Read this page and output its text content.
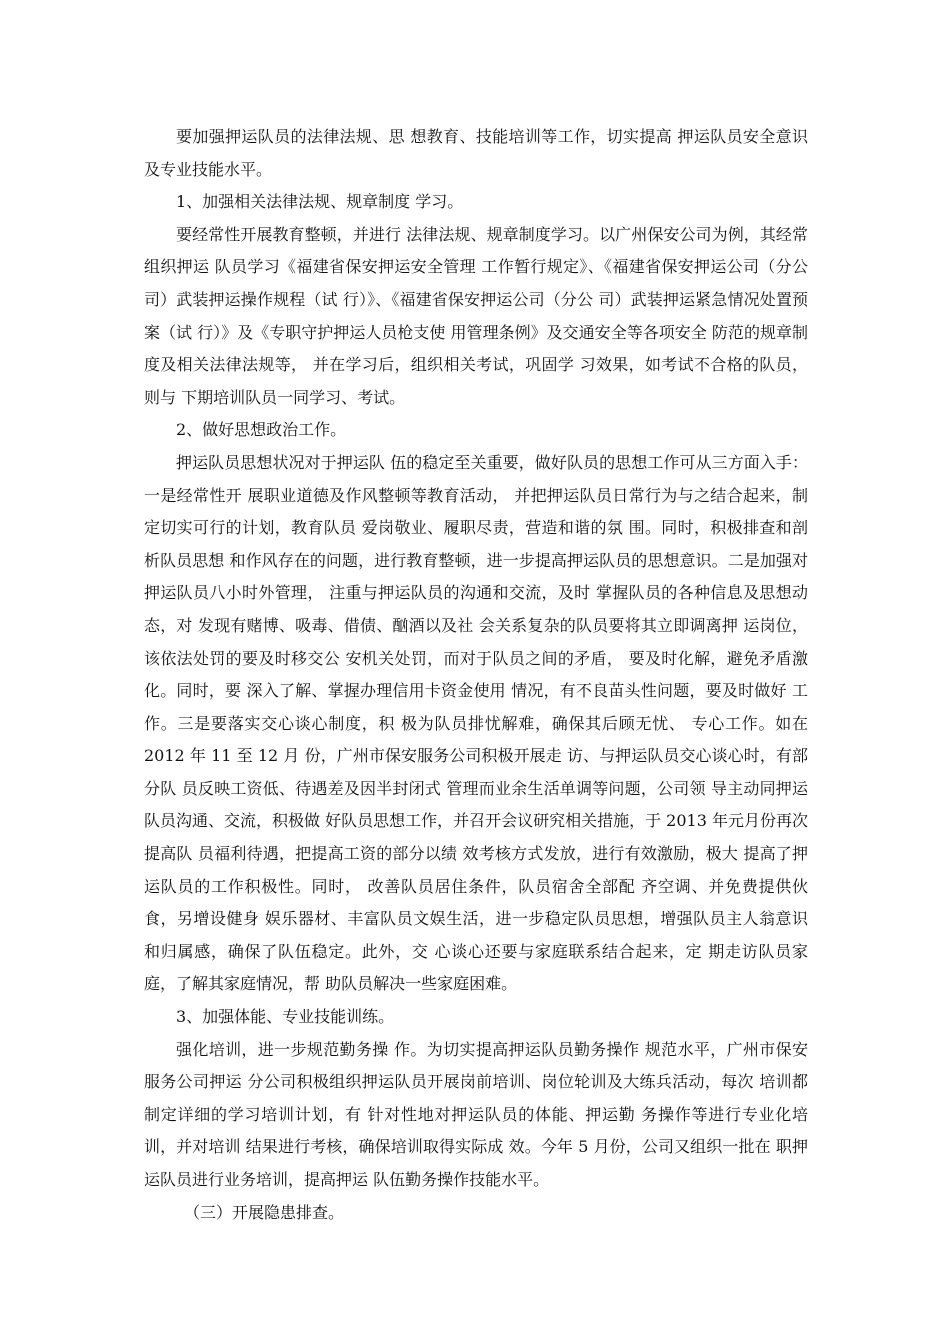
要加强押运队员的法律法规、思 想教育、技能培训等工作，切实提高 押运队员安全意识及专业技能水平。

1、加强相关法律法规、规章制度 学习。

要经常性开展教育整顿，并进行 法律法规、规章制度学习。以广州保安公司为例，其经常组织押运 队员学习《福建省保安押运安全管理 工作暂行规定》、《福建省保安押运公司（分公司）武装押运操作规程（试 行）》、《福建省保安押运公司（分公 司）武装押运紧急情况处置预案（试 行）》及《专职守护押运人员枪支使 用管理条例》及交通安全等各项安全 防范的规章制度及相关法律法规等， 并在学习后，组织相关考试，巩固学 习效果，如考试不合格的队员，则与 下期培训队员一同学习、考试。

2、做好思想政治工作。

押运队员思想状况对于押运队 伍的稳定至关重要，做好队员的思想工作可从三方面入手：一是经常性开 展职业道德及作风整顿等教育活动， 并把押运队员日常行为与之结合起来，制定切实可行的计划，教育队员 爱岗敬业、履职尽责，营造和谐的氛 围。同时，积极排查和剖析队员思想 和作风存在的问题，进行教育整顿，进一步提高押运队员的思想意识。二是加强对押运队员八小时外管理， 注重与押运队员的沟通和交流，及时 掌握队员的各种信息及思想动态，对 发现有赌博、吸毒、借债、酗酒以及社 会关系复杂的队员要将其立即调离押 运岗位，该依法处罚的要及时移交公 安机关处罚，而对于队员之间的矛盾， 要及时化解，避免矛盾激化。同时，要 深入了解、掌握办理信用卡资金使用 情况，有不良苗头性问题，要及时做好 工作。三是要落实交心谈心制度，积 极为队员排忧解难，确保其后顾无忧、 专心工作。如在 2012 年 11 至 12 月 份，广州市保安服务公司积极开展走 访、与押运队员交心谈心时，有部分队 员反映工资低、待遇差及因半封闭式 管理而业余生活单调等问题，公司领 导主动同押运队员沟通、交流，积极做 好队员思想工作，并召开会议研究相关措施，于 2013 年元月份再次提高队 员福利待遇，把提高工资的部分以绩 效考核方式发放，进行有效激励，极大 提高了押运队员的工作积极性。同时， 改善队员居住条件，队员宿舍全部配 齐空调、并免费提供伙食，另增设健身 娱乐器材、丰富队员文娱生活，进一步稳定队员思想，增强队员主人翁意识 和归属感，确保了队伍稳定。此外，交 心谈心还要与家庭联系结合起来，定 期走访队员家庭，了解其家庭情况，帮 助队员解决一些家庭困难。

3、加强体能、专业技能训练。

强化培训，进一步规范勤务操 作。为切实提高押运队员勤务操作 规范水平，广州市保安服务公司押运 分公司积极组织押运队员开展岗前培训、岗位轮训及大练兵活动，每次 培训都制定详细的学习培训计划，有 针对性地对押运队员的体能、押运勤 务操作等进行专业化培训，并对培训 结果进行考核，确保培训取得实际成 效。今年 5 月份，公司又组织一批在 职押运队员进行业务培训，提高押运 队伍勤务操作技能水平。

（三）开展隐患排查。
